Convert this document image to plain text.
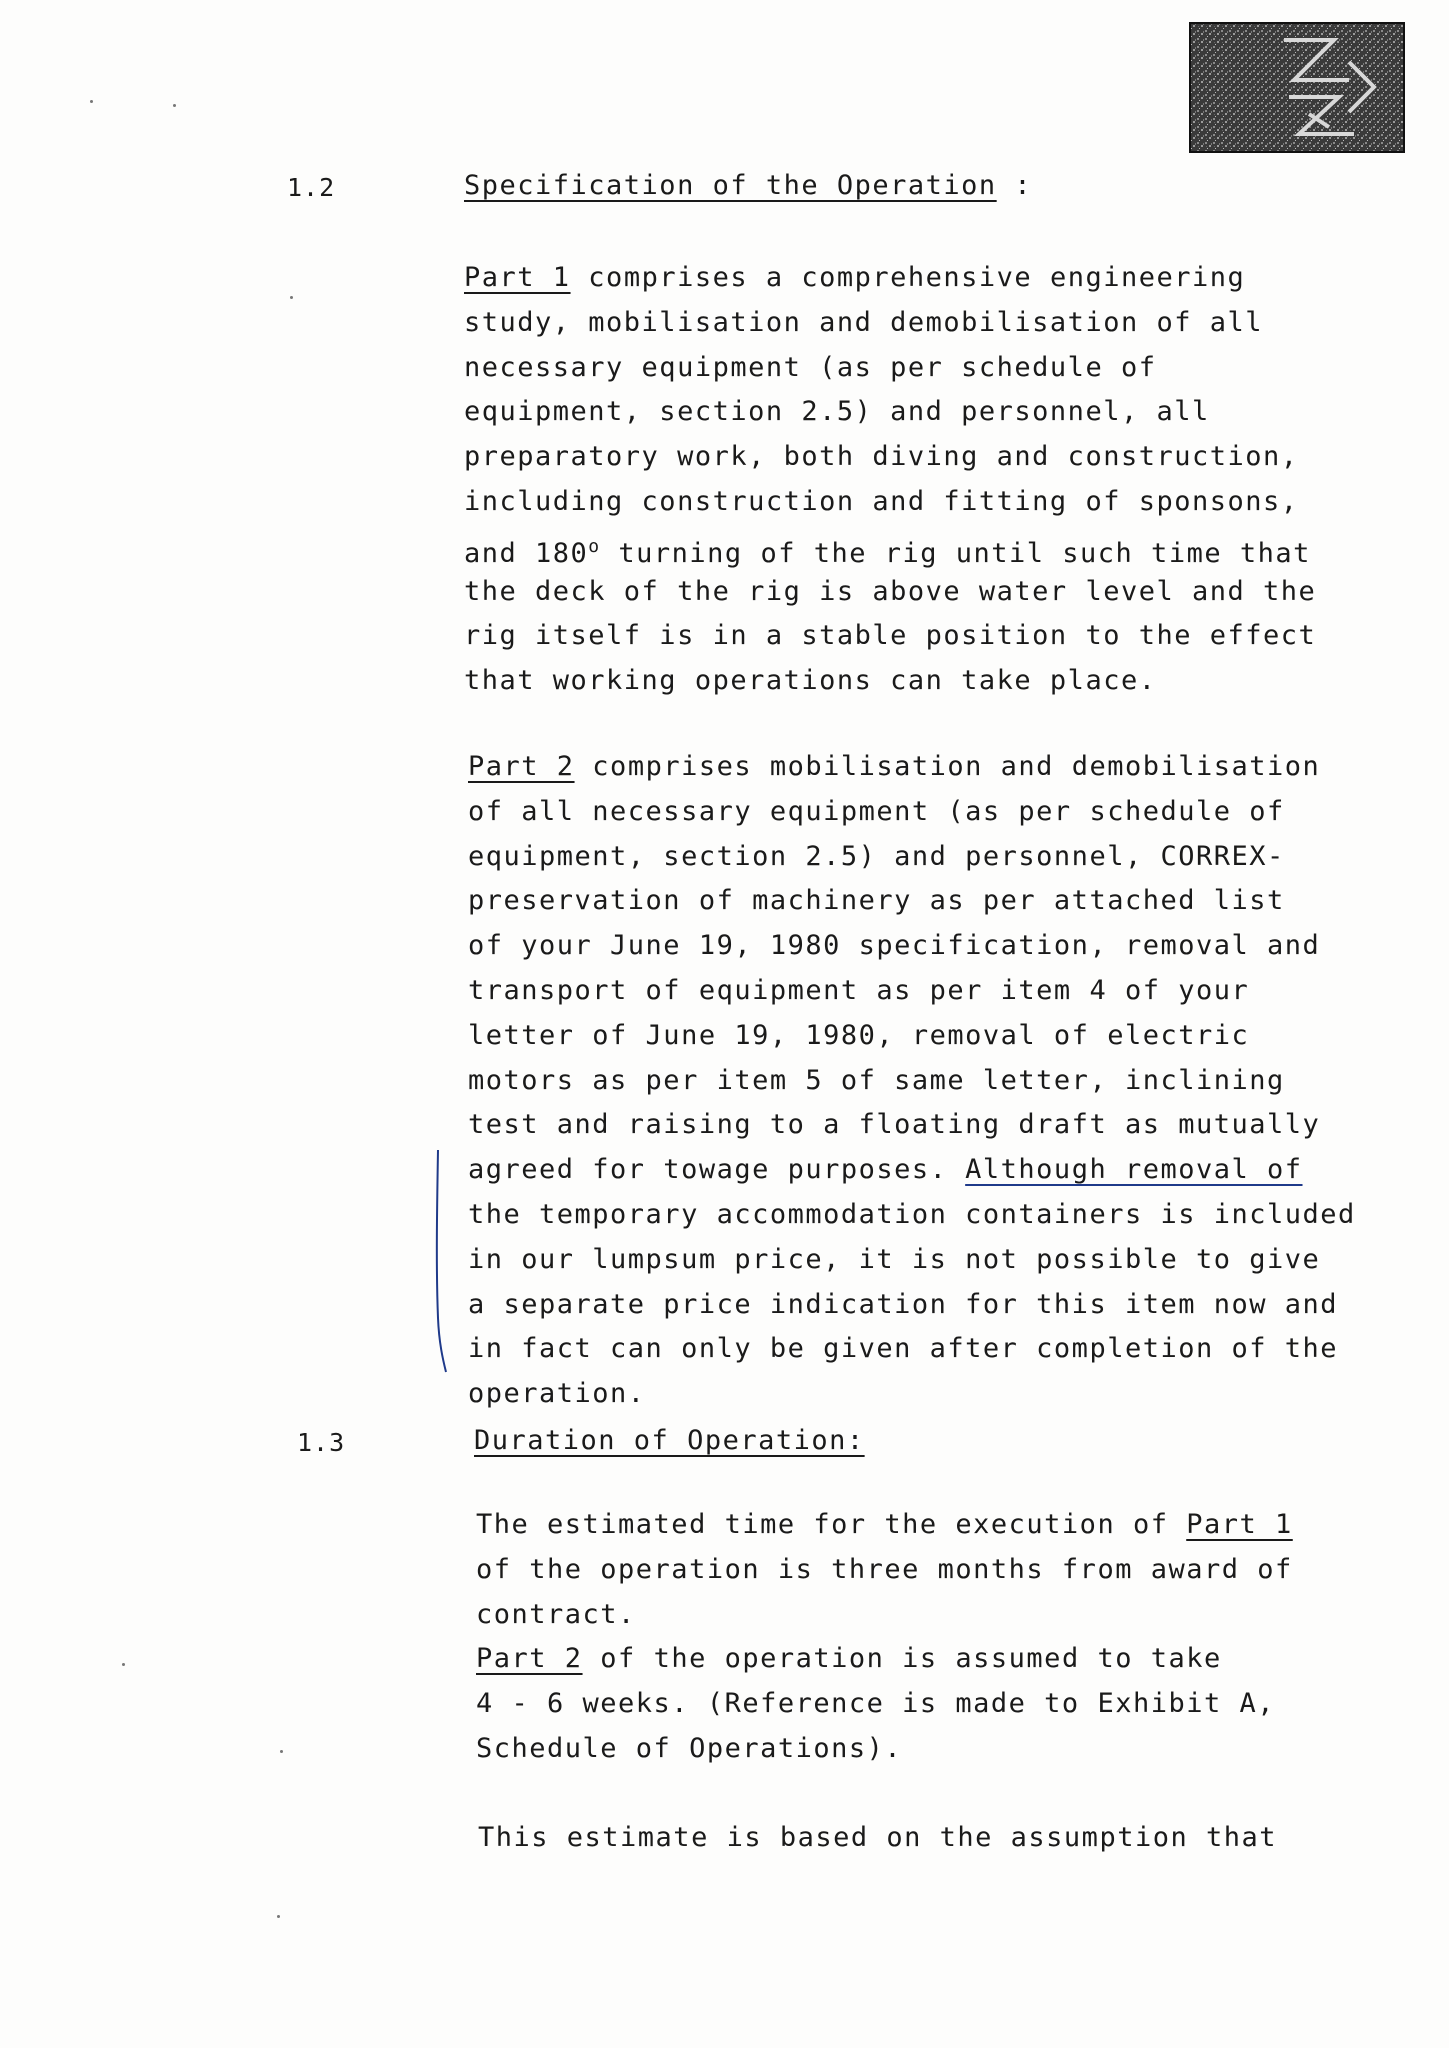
1.2	Specification of the Operation :
Part 1 comprises a comprehensive engineering
study, mobilisation and demobilisation of all
necessary equipment (as per schedule of
equipment, section 2.5) and personnel, all
preparatory work, both diving and construction,
including construction and fitting of sponsons,
and 180$^o$ turning of the rig until such time that
the deck of the rig is above water level and the
rig itself is in a stable position to the effect
that working operations can take place.
Part 2 comprises mobilisation and demobilisation
of all necessary equipment (as per schedule of
equipment, section 2.5) and personnel, CORREX-
preservation of machinery as per attached list
of your June 19, 1980 specification, removal and
transport of equipment as per item 4 of your
letter of June 19, 1980, removal of electric
motors as per item 5 of same letter, inclining
test and raising to a floating draft as mutually
agreed for towage purposes. Although removal of
the temporary accommodation containers is included
in our lumpsum price, it is not possible to give
a separate price indication for this item now and
in fact can only be given after completion of the
operation.
1.3	Duration of Operation:
The estimated time for the execution of Part 1
of the operation is three months from award of
contract.
Part 2 of the operation is assumed to take
4 - 6 weeks. (Reference is made to Exhibit A,
Schedule of Operations).
This estimate is based on the assumption that
